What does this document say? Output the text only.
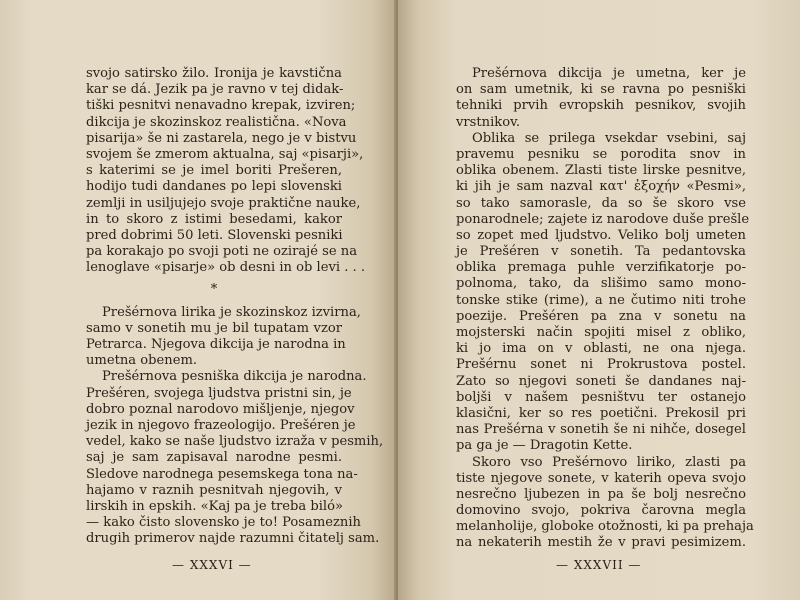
svojo satirsko žilo. Ironija je kavstična
kar se dá. Jezik pa je ravno v tej didak-
tiški pesnitvi nenavadno krepak, izviren;
dikcija je skozinskoz realistična. «Nova
pisarija» še ni zastarela, nego je v bistvu
svojem še zmerom aktualna, saj «pisarji»,
s katerimi se je imel boriti Prešeren,
hodijo tudi dandanes po lepi slovenski
zemlji in usiljujejo svoje praktične nauke,
in to skoro z istimi besedami, kakor
pred dobrimi 50 leti. Slovenski pesniki
pa korakajo po svoji poti ne ozirajé se na
lenoglave «pisarje» ob desni in ob levi . . .
*
Prešérnova lirika je skozinskoz izvirna,
samo v sonetih mu je bil tupatam vzor
Petrarca. Njegova dikcija je narodna in
umetna obenem.
Prešérnova pesniška dikcija je narodna.
Prešéren, svojega ljudstva pristni sin, je
dobro poznal narodovo mišljenje, njegov
jezik in njegovo frazeologijo. Prešéren je
vedel, kako se naše ljudstvo izraža v pesmih,
saj je sam zapisaval narodne pesmi.
Sledove narodnega pesemskega tona na-
hajamo v raznih pesnitvah njegovih, v
lirskih in epskih. «Kaj pa je treba biló»
— kako čisto slovensko je to! Posameznih
drugih primerov najde razumni čitatelj sam.
— XXXVI —
Prešérnova dikcija je umetna, ker je
on sam umetnik, ki se ravna po pesniški
tehniki prvih evropskih pesnikov, svojih
vrstnikov.
Oblika se prilega vsekdar vsebini, saj
pravemu pesniku se porodita snov in
oblika obenem. Zlasti tiste lirske pesnitve,
ki jih je sam nazval κατ' ἐξοχήν «Pesmi»,
so tako samorasle, da so še skoro vse
ponarodnele; zajete iz narodove duše prešle
so zopet med ljudstvo. Veliko bolj umeten
je Prešéren v sonetih. Ta pedantovska
oblika premaga puhle verzifikatorje po-
polnoma, tako, da slišimo samo mono-
tonske stike (rime), a ne čutimo niti trohe
poezije. Prešéren pa zna v sonetu na
mojsterski način spojiti misel z obliko,
ki jo ima on v oblasti, ne ona njega.
Prešérnu sonet ni Prokrustova postel.
Zato so njegovi soneti še dandanes naj-
boljši v našem pesništvu ter ostanejo
klasični, ker so res poetični. Prekosil pri
nas Prešérna v sonetih še ni nihče, dosegel
pa ga je — Dragotin Kette.
Skoro vso Prešérnovo liriko, zlasti pa
tiste njegove sonete, v katerih opeva svojo
nesrečno ljubezen in pa še bolj nesrečno
domovino svojo, pokriva čarovna megla
melanholije, globoke otožnosti, ki pa prehaja
na nekaterih mestih že v pravi pesimizem.
— XXXVII —
